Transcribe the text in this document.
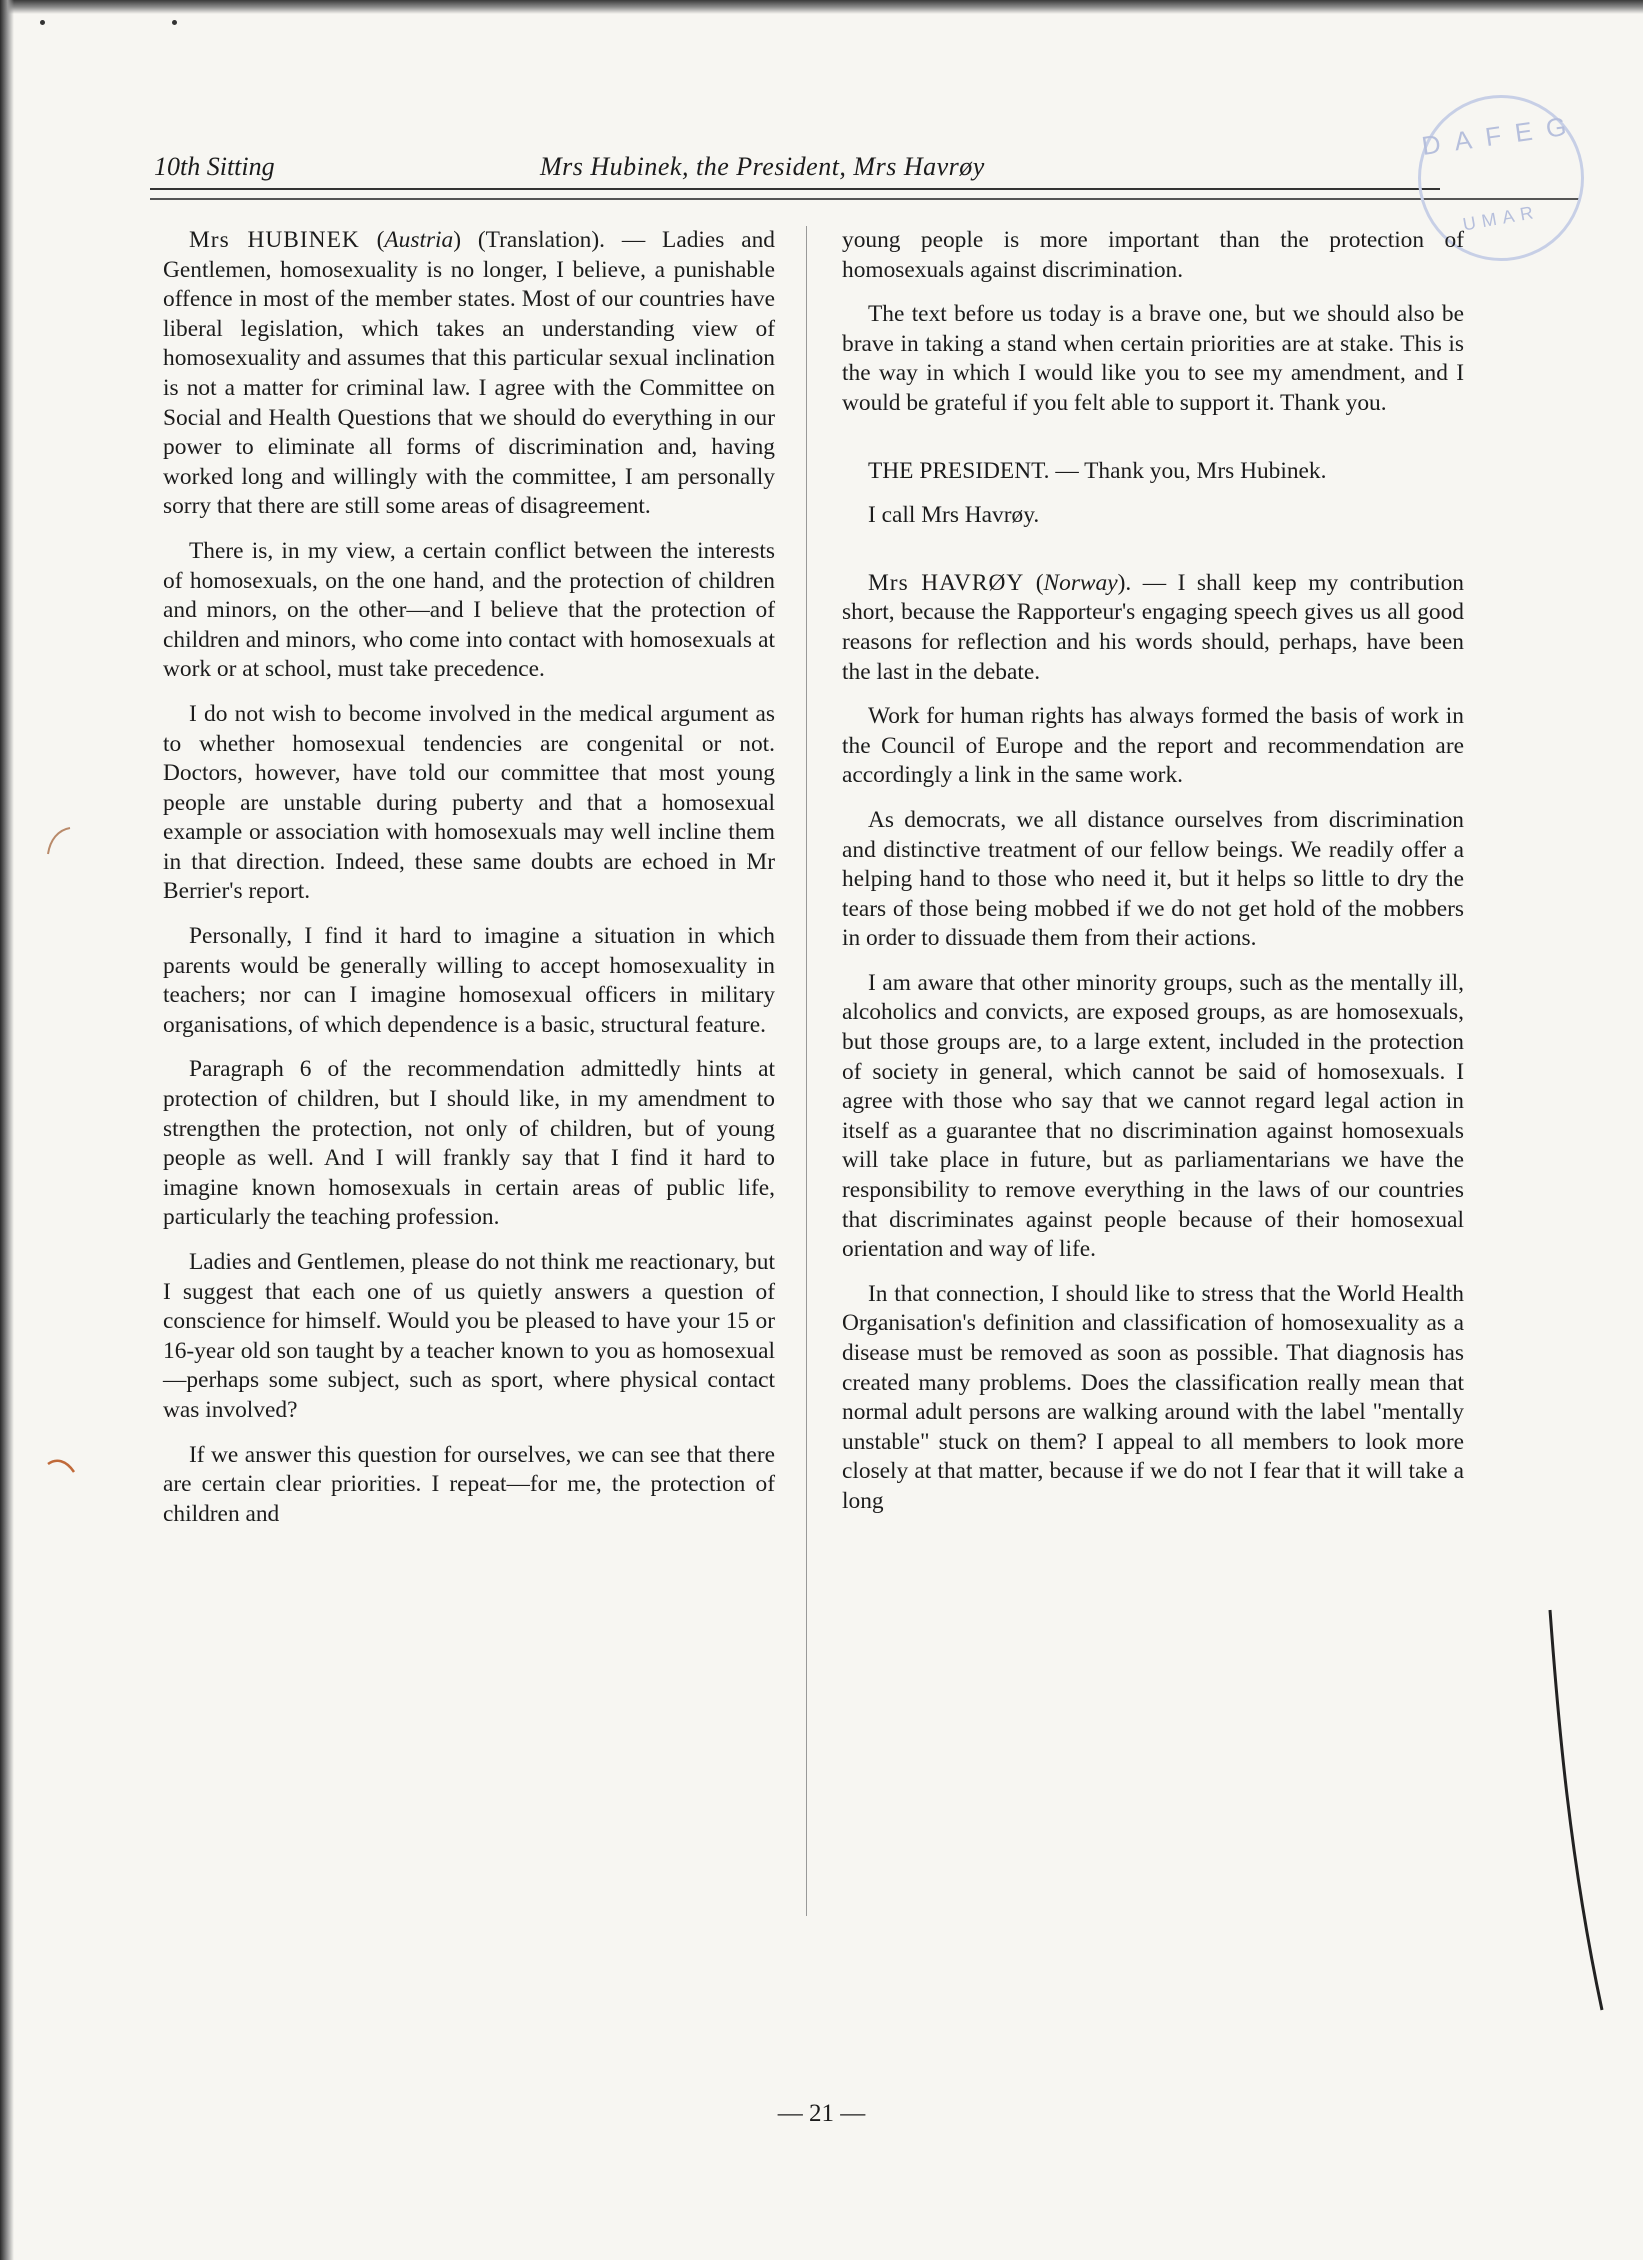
10th Sitting	Mrs Hubinek, the President, Mrs Havrøy
DAFEG
UMAR

Mrs HUBINEK (Austria) (Translation). — Ladies and Gentlemen, homosexuality is no longer, I believe, a punishable offence in most of the member states. Most of our countries have liberal legislation, which takes an understanding view of homosexuality and assumes that this particular sexual inclination is not a matter for criminal law. I agree with the Committee on Social and Health Questions that we should do everything in our power to eliminate all forms of discrimination and, having worked long and willingly with the committee, I am personally sorry that there are still some areas of disagreement.

There is, in my view, a certain conflict between the interests of homosexuals, on the one hand, and the protection of children and minors, on the other—and I believe that the protection of children and minors, who come into contact with homosexuals at work or at school, must take precedence.

I do not wish to become involved in the medical argument as to whether homosexual tendencies are congenital or not. Doctors, however, have told our committee that most young people are unstable during puberty and that a homosexual example or association with homosexuals may well incline them in that direction. Indeed, these same doubts are echoed in Mr Berrier's report.

Personally, I find it hard to imagine a situation in which parents would be generally willing to accept homosexuality in teachers; nor can I imagine homosexual officers in military organisations, of which dependence is a basic, structural feature.

Paragraph 6 of the recommendation admittedly hints at protection of children, but I should like, in my amendment to strengthen the protection, not only of children, but of young people as well. And I will frankly say that I find it hard to imagine known homosexuals in certain areas of public life, particularly the teaching profession.

Ladies and Gentlemen, please do not think me reactionary, but I suggest that each one of us quietly answers a question of conscience for himself. Would you be pleased to have your 15 or 16-year old son taught by a teacher known to you as homosexual—perhaps some subject, such as sport, where physical contact was involved?

If we answer this question for ourselves, we can see that there are certain clear priorities. I repeat—for me, the protection of children and

young people is more important than the protection of homosexuals against discrimination.

The text before us today is a brave one, but we should also be brave in taking a stand when certain priorities are at stake. This is the way in which I would like you to see my amendment, and I would be grateful if you felt able to support it. Thank you.

THE PRESIDENT. — Thank you, Mrs Hubinek.

I call Mrs Havrøy.

Mrs HAVRØY (Norway). — I shall keep my contribution short, because the Rapporteur's engaging speech gives us all good reasons for reflection and his words should, perhaps, have been the last in the debate.

Work for human rights has always formed the basis of work in the Council of Europe and the report and recommendation are accordingly a link in the same work.

As democrats, we all distance ourselves from discrimination and distinctive treatment of our fellow beings. We readily offer a helping hand to those who need it, but it helps so little to dry the tears of those being mobbed if we do not get hold of the mobbers in order to dissuade them from their actions.

I am aware that other minority groups, such as the mentally ill, alcoholics and convicts, are exposed groups, as are homosexuals, but those groups are, to a large extent, included in the protection of society in general, which cannot be said of homosexuals. I agree with those who say that we cannot regard legal action in itself as a guarantee that no discrimination against homosexuals will take place in future, but as parliamentarians we have the responsibility to remove everything in the laws of our countries that discriminates against people because of their homosexual orientation and way of life.

In that connection, I should like to stress that the World Health Organisation's definition and classification of homosexuality as a disease must be removed as soon as possible. That diagnosis has created many problems. Does the classification really mean that normal adult persons are walking around with the label "mentally unstable" stuck on them? I appeal to all members to look more closely at that matter, because if we do not I fear that it will take a long

— 21 —
